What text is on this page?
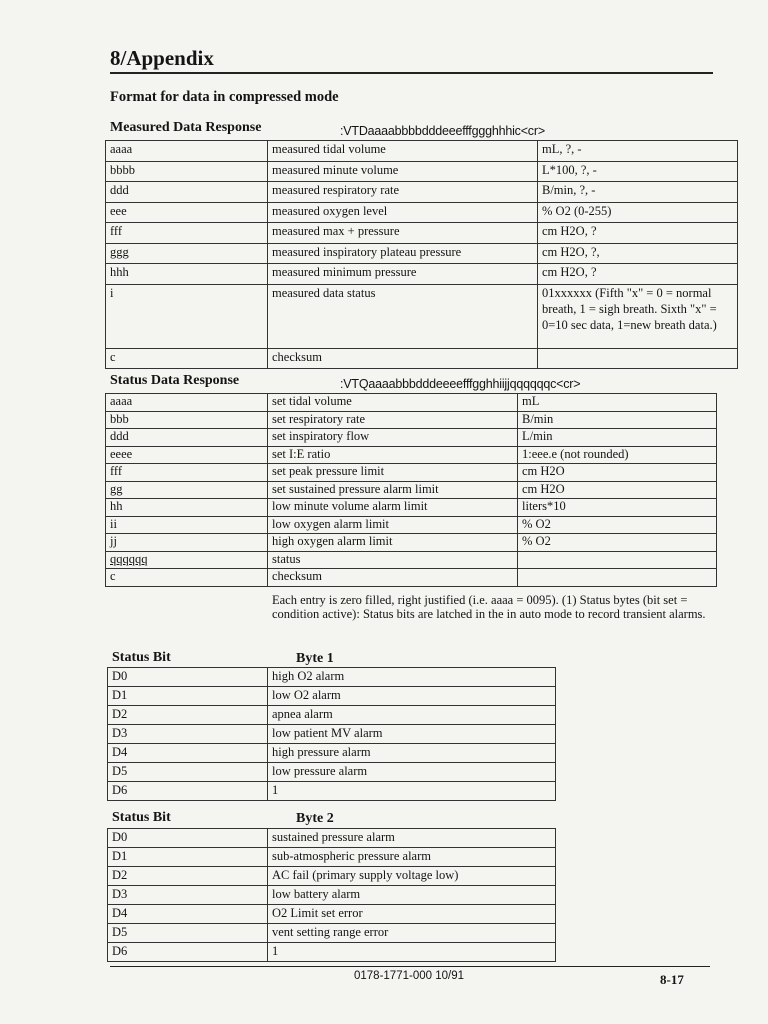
8/Appendix
Format for data in compressed mode
Measured Data Response	:VTDaaaabbbbdddeeefffggghhhic<cr>
aaaa	measured tidal volume	mL, ?, -
bbbb	measured minute volume	L*100, ?, -
ddd	measured respiratory rate	B/min, ?, -
eee	measured oxygen level	% O2 (0-255)
fff	measured max + pressure	cm H2O, ?
ggg	measured inspiratory plateau pressure	cm H2O, ?,
hhh	measured minimum pressure	cm H2O, ?
i	measured data status	01xxxxxx (Fifth "x" = 0 = normal breath, 1 = sigh breath. Sixth "x" = 0=10 sec data, 1=new breath data.)
c	checksum	
Status Data Response	:VTQaaaabbbdddeeeefffgghhiijjqqqqqqc<cr>
aaaa	set tidal volume	mL
bbb	set respiratory rate	B/min
ddd	set inspiratory flow	L/min
eeee	set I:E ratio	1:eee.e (not rounded)
fff	set peak pressure limit	cm H2O
gg	set sustained pressure alarm limit	cm H2O
hh	low minute volume alarm limit	liters*10
ii	low oxygen alarm limit	% O2
jj	high oxygen alarm limit	% O2
qqqqqq	status	
c	checksum	
Each entry is zero filled, right justified (i.e. aaaa = 0095). (1) Status bytes (bit set = condition active): Status bits are latched in the in auto mode to record transient alarms.
Status Bit	Byte 1
D0	high O2 alarm
D1	low O2 alarm
D2	apnea alarm
D3	low patient MV alarm
D4	high pressure alarm
D5	low pressure alarm
D6	1
Status Bit	Byte 2
D0	sustained pressure alarm
D1	sub-atmospheric pressure alarm
D2	AC fail (primary supply voltage low)
D3	low battery alarm
D4	O2 Limit set error
D5	vent setting range error
D6	1
0178-1771-000 10/91	8-17
